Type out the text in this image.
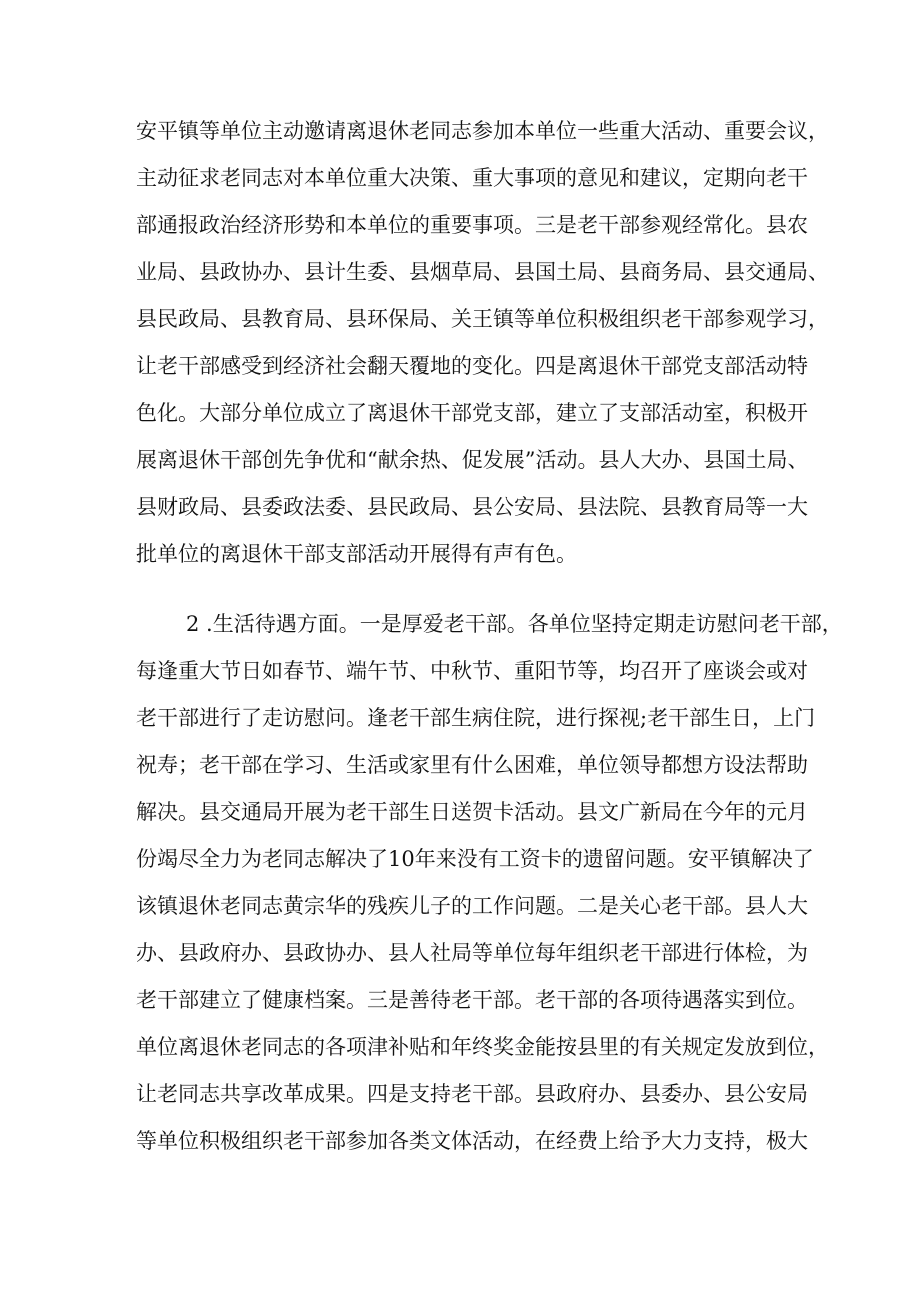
安平镇等单位主动邀请离退休老同志参加本单位一些重大活动、重要会议，
主动征求老同志对本单位重大决策、重大事项的意见和建议，定期向老干
部通报政治经济形势和本单位的重要事项。三是老干部参观经常化。县农
业局、县政协办、县计生委、县烟草局、县国土局、县商务局、县交通局、
县民政局、县教育局、县环保局、关王镇等单位积极组织老干部参观学习，
让老干部感受到经济社会翻天覆地的变化。四是离退休干部党支部活动特
色化。大部分单位成立了离退休干部党支部，建立了支部活动室，积极开
展离退休干部创先争优和“献余热、促发展”活动。县人大办、县国土局、
县财政局、县委政法委、县民政局、县公安局、县法院、县教育局等一大
批单位的离退休干部支部活动开展得有声有色。
2 .生活待遇方面。一是厚爱老干部。各单位坚持定期走访慰问老干部，
每逢重大节日如春节、端午节、中秋节、重阳节等，均召开了座谈会或对
老干部进行了走访慰问。逢老干部生病住院，进行探视;老干部生日，上门
祝寿；老干部在学习、生活或家里有什么困难，单位领导都想方设法帮助
解决。县交通局开展为老干部生日送贺卡活动。县文广新局在今年的元月
份竭尽全力为老同志解决了10年来没有工资卡的遗留问题。安平镇解决了
该镇退休老同志黄宗华的残疾儿子的工作问题。二是关心老干部。县人大
办、县政府办、县政协办、县人社局等单位每年组织老干部进行体检，为
老干部建立了健康档案。三是善待老干部。老干部的各项待遇落实到位。
单位离退休老同志的各项津补贴和年终奖金能按县里的有关规定发放到位，
让老同志共享改革成果。四是支持老干部。县政府办、县委办、县公安局
等单位积极组织老干部参加各类文体活动，在经费上给予大力支持，极大
